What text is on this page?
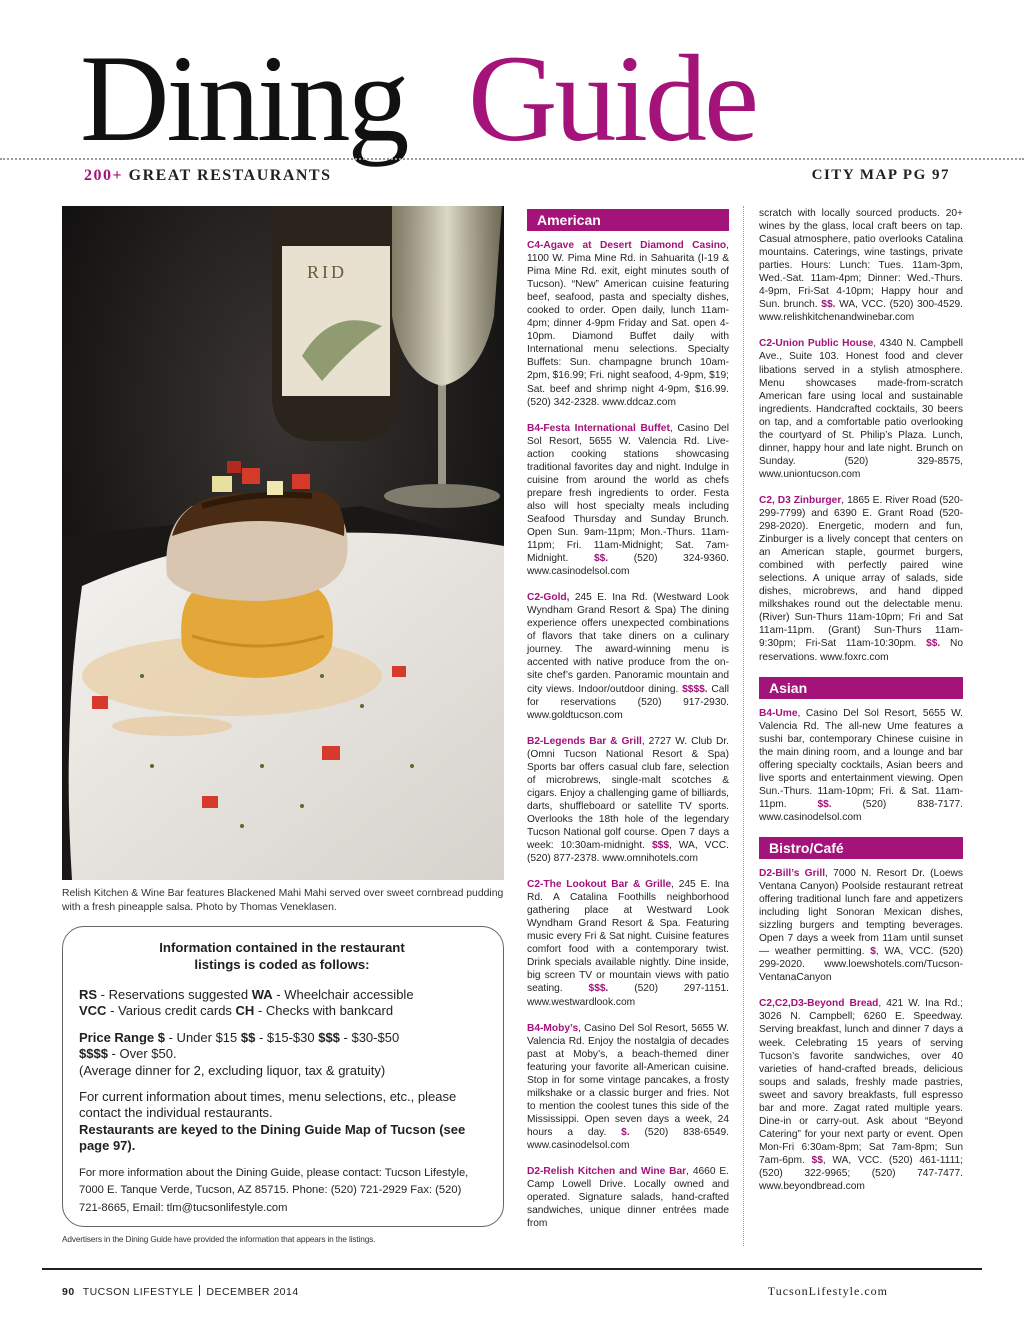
Dining Guide
200+ GREAT RESTAURANTS	CITY MAP PG 97
RID
Relish Kitchen & Wine Bar features Blackened Mahi Mahi served over sweet cornbread pudding with a fresh pineapple salsa. Photo by Thomas Veneklasen.
Information contained in the restaurant
listings is coded as follows:

RS - Reservations suggested WA - Wheelchair accessible
VCC - Various credit cards CH - Checks with bankcard

Price Range $ - Under $15 $$ - $15-$30 $$$ - $30-$50
$$$$ - Over $50.
(Average dinner for 2, excluding liquor, tax & gratuity)

For current information about times, menu selections, etc., please contact the individual restaurants.
Restaurants are keyed to the Dining Guide Map of Tucson (see page 97).

For more information about the Dining Guide, please contact: Tucson Lifestyle, 7000 E. Tanque Verde, Tucson, AZ 85715. Phone: (520) 721-2929 Fax: (520) 721-8665, Email: tlm@tucsonlifestyle.com
Advertisers in the Dining Guide have provided the information that appears in the listings.
American

C4-Agave at Desert Diamond Casino, 1100 W. Pima Mine Rd. in Sahuarita (I-19 & Pima Mine Rd. exit, eight minutes south of Tucson). “New” American cuisine featuring beef, seafood, pasta and specialty dishes, cooked to order. Open daily, lunch 11am-4pm; dinner 4-9pm Friday and Sat. open 4-10pm. Diamond Buffet daily with International menu selections. Specialty Buffets: Sun. champagne brunch 10am-2pm, $16.99; Fri. night seafood, 4-9pm, $19; Sat. beef and shrimp night 4-9pm, $16.99. (520) 342-2328. www.ddcaz.com

B4-Festa International Buffet, Casino Del Sol Resort, 5655 W. Valencia Rd. Live-action cooking stations showcasing traditional favorites day and night. Indulge in cuisine from around the world as chefs prepare fresh ingredients to order. Festa also will host specialty meals including Seafood Thursday and Sunday Brunch. Open Sun. 9am-11pm; Mon.-Thurs. 11am-11pm; Fri. 11am-Midnight; Sat. 7am-Midnight. $$. (520) 324-9360. www.casinodelsol.com

C2-Gold, 245 E. Ina Rd. (Westward Look Wyndham Grand Resort & Spa) The dining experience offers unexpected combinations of flavors that take diners on a culinary journey. The award-winning menu is accented with native produce from the on-site chef’s garden. Panoramic mountain and city views. Indoor/outdoor dining. $$$$. Call for reservations (520) 917-2930. www.goldtucson.com

B2-Legends Bar & Grill, 2727 W. Club Dr. (Omni Tucson National Resort & Spa) Sports bar offers casual club fare, selection of microbrews, single-malt scotches & cigars. Enjoy a challenging game of billiards, darts, shuffleboard or satellite TV sports. Overlooks the 18th hole of the legendary Tucson National golf course. Open 7 days a week: 10:30am-midnight. $$$, WA, VCC. (520) 877-2378. www.omnihotels.com

C2-The Lookout Bar & Grille, 245 E. Ina Rd. A Catalina Foothills neighborhood gathering place at Westward Look Wyndham Grand Resort & Spa. Featuring music every Fri & Sat night. Cuisine features comfort food with a contemporary twist. Drink specials available nightly. Dine inside, big screen TV or mountain views with patio seating. $$$. (520) 297-1151. www.westwardlook.com

B4-Moby’s, Casino Del Sol Resort, 5655 W. Valencia Rd. Enjoy the nostalgia of decades past at Moby’s, a beach-themed diner featuring your favorite all-American cuisine. Stop in for some vintage pancakes, a frosty milkshake or a classic burger and fries. Not to mention the coolest tunes this side of the Mississippi. Open seven days a week, 24 hours a day. $. (520) 838-6549. www.casinodelsol.com

D2-Relish Kitchen and Wine Bar, 4660 E. Camp Lowell Drive. Locally owned and operated. Signature salads, hand-crafted sandwiches, unique dinner entrées made from

scratch with locally sourced products. 20+ wines by the glass, local craft beers on tap. Casual atmosphere, patio overlooks Catalina mountains. Caterings, wine tastings, private parties. Hours: Lunch: Tues. 11am-3pm, Wed.-Sat. 11am-4pm; Dinner: Wed.-Thurs. 4-9pm, Fri-Sat 4-10pm; Happy hour and Sun. brunch. $$. WA, VCC. (520) 300-4529. www.relishkitchenandwinebar.com

C2-Union Public House, 4340 N. Campbell Ave., Suite 103. Honest food and clever libations served in a stylish atmosphere. Menu showcases made-from-scratch American fare using local and sustainable ingredients. Handcrafted cocktails, 30 beers on tap, and a comfortable patio overlooking the courtyard of St. Philip’s Plaza. Lunch, dinner, happy hour and late night. Brunch on Sunday. (520) 329-8575, www.uniontucson.com

C2, D3 Zinburger, 1865 E. River Road (520-299-7799) and 6390 E. Grant Road (520-298-2020). Energetic, modern and fun, Zinburger is a lively concept that centers on an American staple, gourmet burgers, combined with perfectly paired wine selections. A unique array of salads, side dishes, microbrews, and hand dipped milkshakes round out the delectable menu. (River) Sun-Thurs 11am-10pm; Fri and Sat 11am-11pm. (Grant) Sun-Thurs 11am-9:30pm; Fri-Sat 11am-10:30pm. $$. No reservations. www.foxrc.com

Asian

B4-Ume, Casino Del Sol Resort, 5655 W. Valencia Rd. The all-new Ume features a sushi bar, contemporary Chinese cuisine in the main dining room, and a lounge and bar offering specialty cocktails, Asian beers and live sports and entertainment viewing. Open Sun.-Thurs. 11am-10pm; Fri. & Sat. 11am-11pm. $$. (520) 838-7177. www.casinodelsol.com

Bistro/Café

D2-Bill’s Grill, 7000 N. Resort Dr. (Loews Ventana Canyon) Poolside restaurant retreat offering traditional lunch fare and appetizers including light Sonoran Mexican dishes, sizzling burgers and tempting beverages. Open 7 days a week from 11am until sunset — weather permitting. $, WA, VCC. (520) 299-2020. www.loewshotels.com/Tucson-VentanaCanyon

C2,C2,D3-Beyond Bread, 421 W. Ina Rd.; 3026 N. Campbell; 6260 E. Speedway. Serving breakfast, lunch and dinner 7 days a week. Celebrating 15 years of serving Tucson’s favorite sandwiches, over 40 varieties of hand-crafted breads, delicious soups and salads, freshly made pastries, sweet and savory breakfasts, full espresso bar and more. Zagat rated multiple years. Dine-in or carry-out. Ask about “Beyond Catering” for your next party or event. Open Mon-Fri 6:30am-8pm; Sat 7am-8pm; Sun 7am-6pm. $$, WA, VCC. (520) 461-1111; (520) 322-9965; (520) 747-7477. www.beyondbread.com

90 TUCSON LIFESTYLE DECEMBER 2014	TucsonLifestyle.com
